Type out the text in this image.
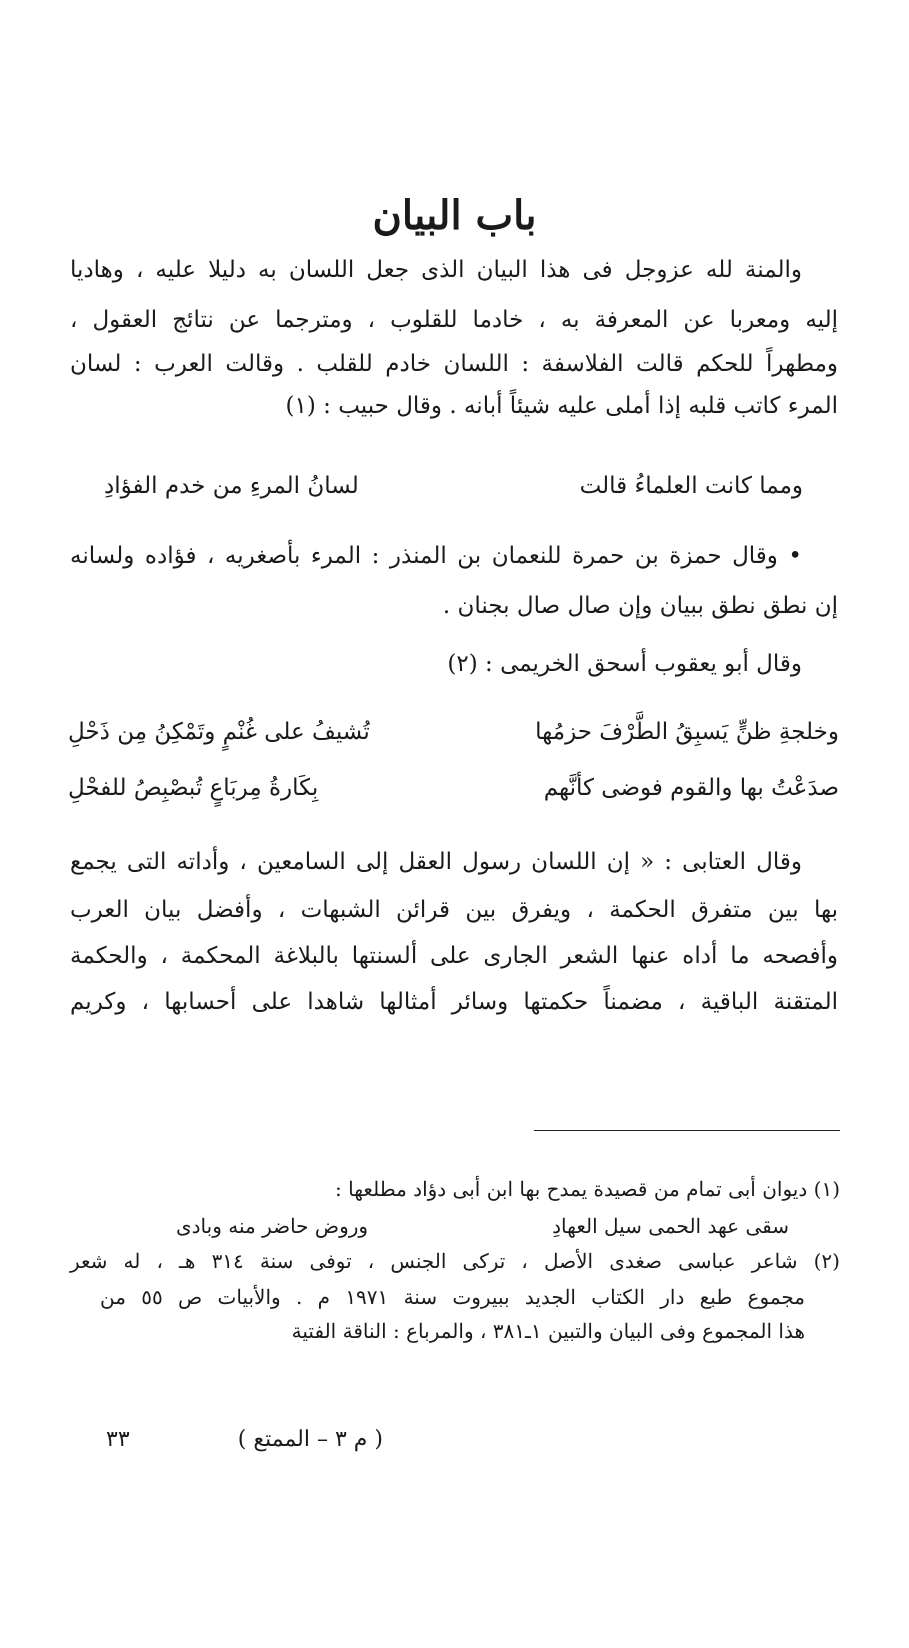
باب البيان
والمنة لله عزوجل فى هذا البيان الذى جعل اللسان به دليلا عليه ، وهاديا
إليه ومعربا عن المعرفة به ، خادما للقلوب ، ومترجما عن نتائج العقول ،
ومطهراً للحكم قالت الفلاسفة : اللسان خادم للقلب . وقالت العرب : لسان
المرء كاتب قلبه إذا أملى عليه شيئاً أبانه . وقال حبيب : (١)
ومما كانت العلماءُ قالت
لسانُ المرءِ من خدم الفؤادِ
• وقال حمزة بن حمرة للنعمان بن المنذر : المرء بأصغريه ، فؤاده ولسانه
إن نطق نطق ببيان وإن صال صال بجنان .
وقال أبو يعقوب أسحق الخريمى : (٢)
وخلجةِ ظنٍّ يَسبِقُ الطَّرْفَ حزمُها
تُشيفُ على غُنْمٍ وتَمْكِنُ مِن ذَحْلِ
صدَعْتُ بها والقوم فوضى كأنَّهم
بِكَارةُ مِربَاعٍ تُبصْبِصُ للفحْلِ
وقال العتابى : « إن اللسان رسول العقل إلى السامعين ، وأداته التى يجمع
بها بين متفرق الحكمة ، ويفرق بين قرائن الشبهات ، وأفضل بيان العرب
وأفصحه ما أداه عنها الشعر الجارى على ألسنتها بالبلاغة المحكمة ، والحكمة
المتقنة الباقية ، مضمناً حكمتها وسائر أمثالها شاهدا على أحسابها ، وكريم
(١) ديوان أبى تمام من قصيدة يمدح بها ابن أبى دؤاد مطلعها :
سقى عهد الحمى سيل العهادِ
وروض حاضر منه وبادى
(٢) شاعر عباسى صغدى الأصل ، تركى الجنس ، توفى سنة ٣١٤ هـ ، له شعر
مجموع طبع دار الكتاب الجديد ببيروت سنة ١٩٧١ م . والأبيات ص ٥٥ من
هذا المجموع وفى البيان والتبين ١ـ٣٨١ ، والمرباع : الناقة الفتية
( م ٣ – الممتع )
٣٣
